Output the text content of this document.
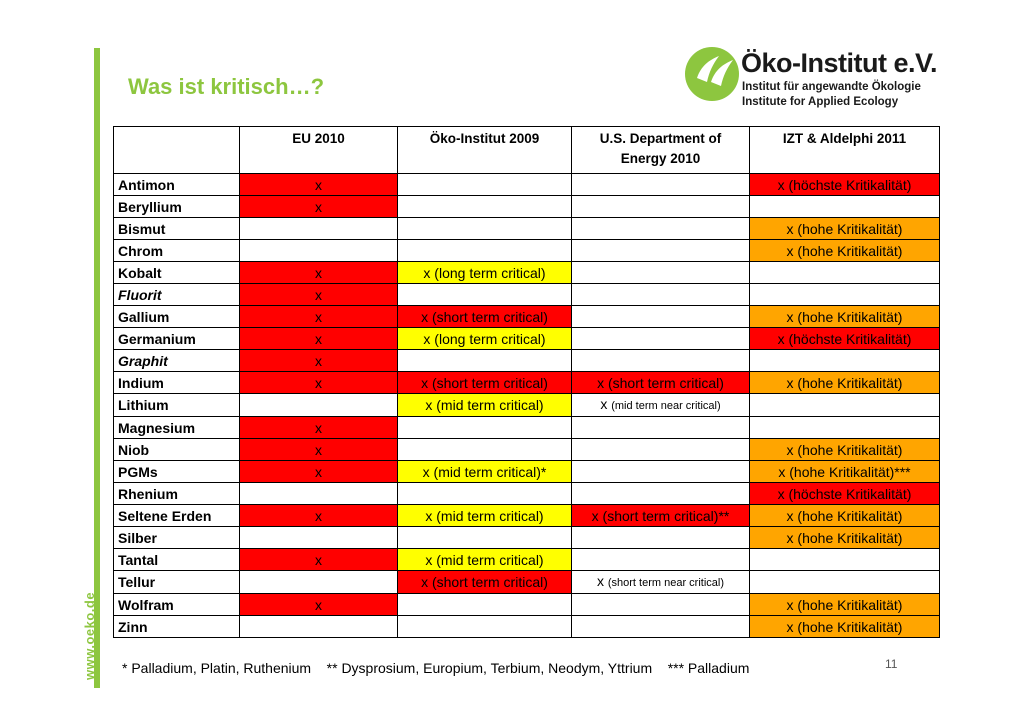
www.oeko.de
Was ist kritisch…?
Öko-Institut e.V.
Institut für angewandte Ökologie
Institute for Applied Ecology
	EU 2010	Öko-Institut 2009	U.S. Department of Energy 2010	IZT & Aldelphi 2011
Antimon	x			x (höchste Kritikalität)
Beryllium	x			
Bismut				x (hohe Kritikalität)
Chrom				x (hohe Kritikalität)
Kobalt	x	x (long term critical)		
Fluorit	x			
Gallium	x	x (short term critical)		x (hohe Kritikalität)
Germanium	x	x (long term critical)		x (höchste Kritikalität)
Graphit	x			
Indium	x	x (short term critical)	x (short term critical)	x (hohe Kritikalität)
Lithium		x (mid term critical)	x (mid term near critical)	
Magnesium	x			
Niob	x			x (hohe Kritikalität)
PGMs	x	x (mid term critical)*		x (hohe Kritikalität)***
Rhenium				x (höchste Kritikalität)
Seltene Erden	x	x (mid term critical)	x (short term critical)**	x (hohe Kritikalität)
Silber				x (hohe Kritikalität)
Tantal	x	x (mid term critical)		
Tellur		x (short term critical)	x (short term near critical)	
Wolfram	x			x (hohe Kritikalität)
Zinn				x (hohe Kritikalität)
* Palladium, Platin, Ruthenium    ** Dysprosium, Europium, Terbium, Neodym, Yttrium    *** Palladium	11
